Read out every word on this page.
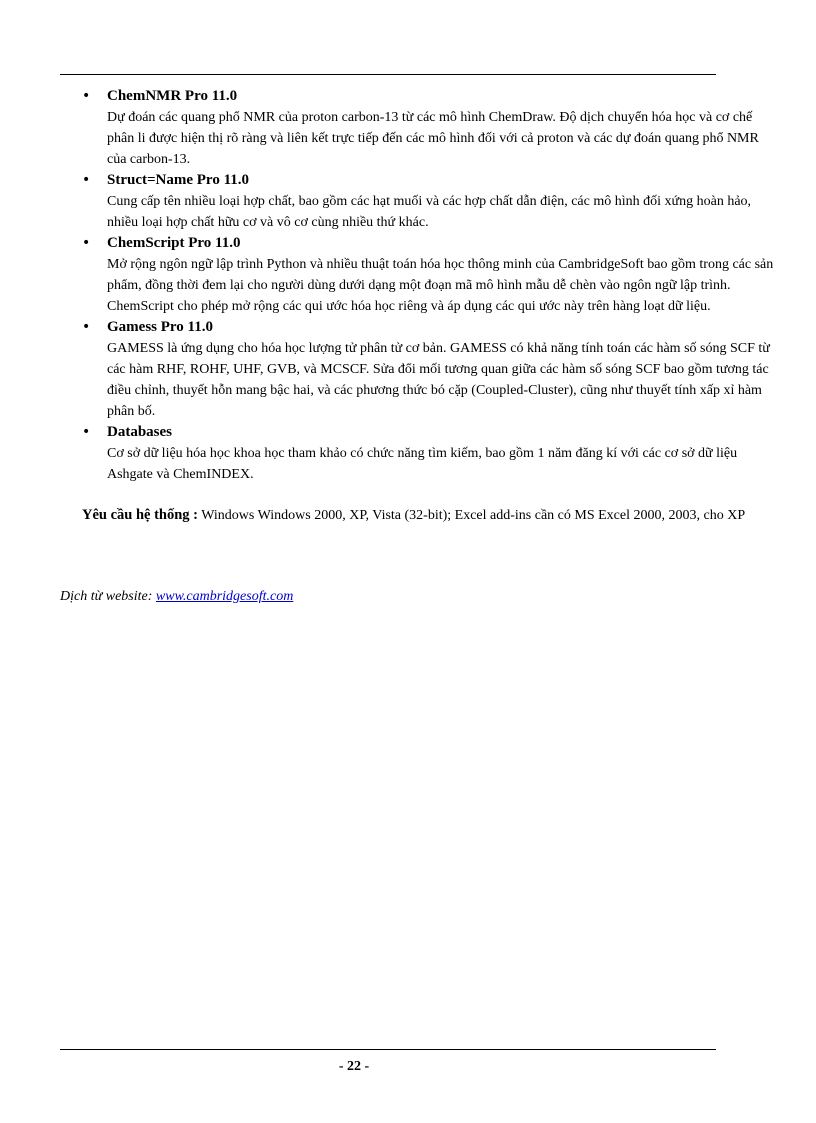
• ChemNMR Pro 11.0
Dự đoán các quang phổ NMR của proton carbon-13 từ các mô hình ChemDraw. Độ dịch chuyển hóa học và cơ chế phân li được hiện thị rõ ràng và liên kết trực tiếp đến các mô hình đối với cả proton và các dự đoán quang phổ NMR của carbon-13.
• Struct=Name Pro 11.0
Cung cấp tên nhiều loại hợp chất, bao gồm các hạt muối và các hợp chất dẫn điện, các mô hình đối xứng hoàn hảo, nhiều loại hợp chất hữu cơ và vô cơ cùng nhiều thứ khác.
• ChemScript Pro 11.0
Mở rộng ngôn ngữ lập trình Python và nhiều thuật toán hóa học thông minh của CambridgeSoft bao gồm trong các sản phẩm, đồng thời đem lại cho người dùng dưới dạng một đoạn mã mô hình mẫu dễ chèn vào ngôn ngữ lập trình. ChemScript cho phép mở rộng các qui ước hóa học riêng và áp dụng các qui ước này trên hàng loạt dữ liệu.
• Gamess Pro 11.0
GAMESS là ứng dụng cho hóa học lượng tử phân tử cơ bản. GAMESS có khả năng tính toán các hàm số sóng SCF từ các hàm RHF, ROHF, UHF, GVB, và MCSCF. Sửa đổi mối tương quan giữa các hàm số sóng SCF bao gồm tương tác điều chỉnh, thuyết hỗn mang bậc hai, và các phương thức bó cặp (Coupled-Cluster), cũng như thuyết tính xấp xỉ hàm phân bố.
• Databases
Cơ sở dữ liệu hóa học khoa học tham khảo có chức năng tìm kiếm, bao gồm 1 năm đăng kí với các cơ sở dữ liệu Ashgate và ChemINDEX.
Yêu cầu hệ thống : Windows Windows 2000, XP, Vista (32-bit); Excel add-ins cần có MS Excel 2000, 2003, cho XP
Dịch từ website: www.cambridgesoft.com
- 22 -
